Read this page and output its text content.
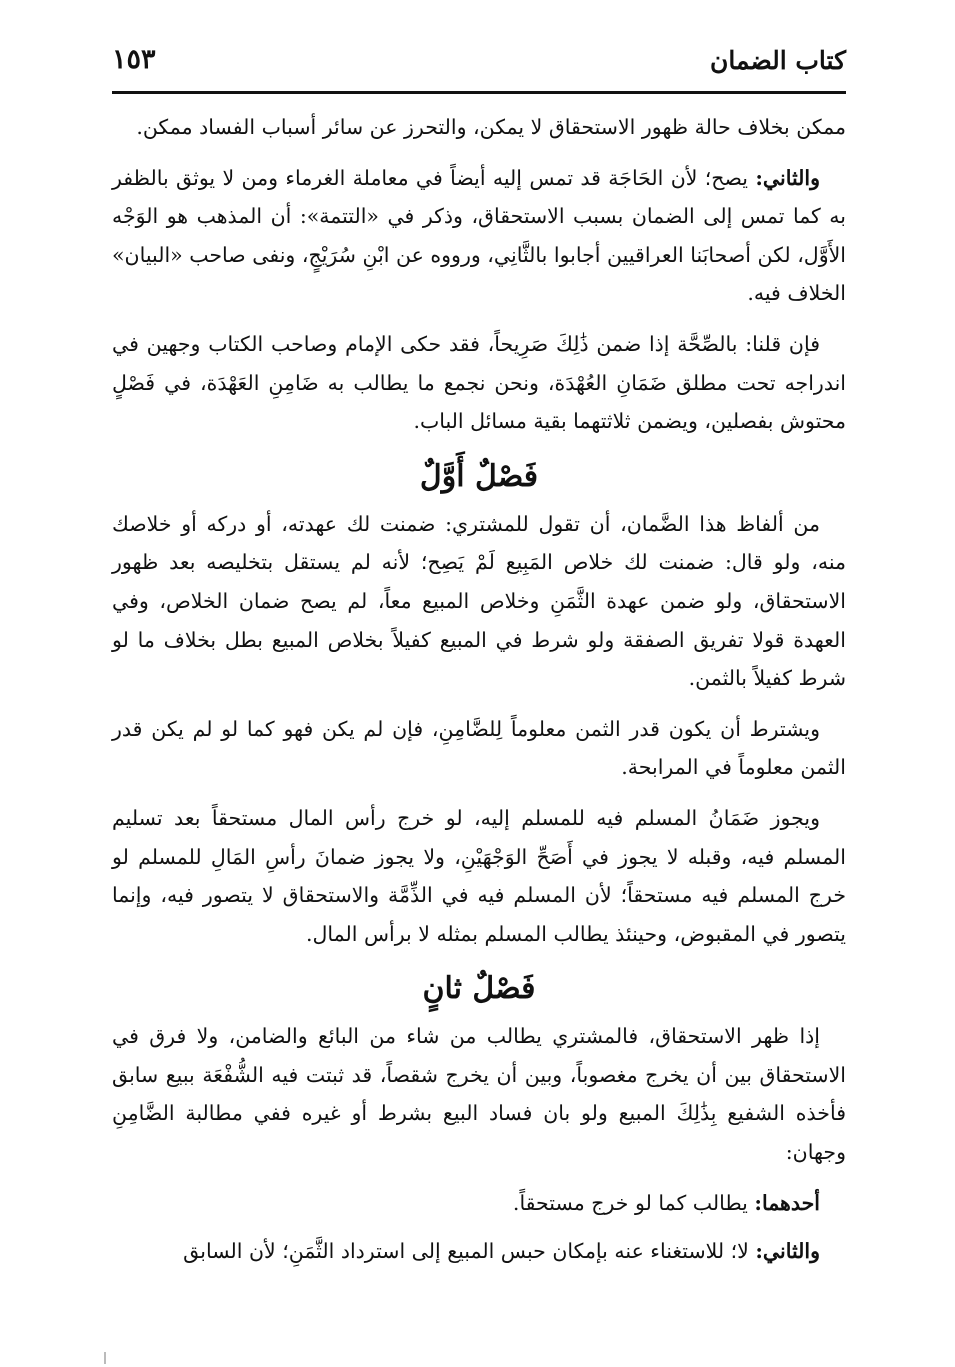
كتاب الضمان
١٥٣

ممكن بخلاف حالة ظهور الاستحقاق لا يمكن، والتحرز عن سائر أسباب الفساد ممكن.

والثاني: يصح؛ لأن الحَاجَة قد تمس إليه أيضاً في معاملة الغرماء ومن لا يوثق بالظفر به كما تمس إلى الضمان بسبب الاستحقاق، وذكر في «التتمة»: أن المذهب هو الوَجْه الأَوَّل، لكن أصحابَنا العراقيين أجابوا بالثَّانِي، ورووه عن ابْنِ سُرَيْجٍ، ونفى صاحب «البيان» الخلاف فيه.

فإن قلنا: بالصِّحَّة إذا ضمن ذَٰلِكَ صَرِيحاً، فقد حكى الإمام وصاحب الكتاب وجهين في اندراجه تحت مطلق ضَمَانِ العُهْدَة، ونحن نجمع ما يطالب به ضَامِنِ العَهْدَة، في فَصْلٍ محتوش بفصلين، ويضمن ثلاثتهما بقية مسائل الباب.

فَصْلٌ أَوَّلٌ

من ألفاظ هذا الضَّمان، أن تقول للمشتري: ضمنت لك عهدته، أو دركه أو خلاصك منه، ولو قال: ضمنت لك خلاص المَبِيع لَمْ يَصِح؛ لأنه لم يستقل بتخليصه بعد ظهور الاستحقاق، ولو ضمن عهدة الثَّمَنِ وخلاص المبيع معاً، لم يصح ضمان الخلاص، وفي العهدة قولا تفريق الصفقة ولو شرط في المبيع كفيلاً بخلاص المبيع بطل بخلاف ما لو شرط كفيلاً بالثمن.

ويشترط أن يكون قدر الثمن معلوماً لِلضَّامِنِ، فإن لم يكن فهو كما لو لم يكن قدر الثمن معلوماً في المرابحة.

ويجوز ضَمَانُ المسلم فيه للمسلم إليه، لو خرج رأس المال مستحقاً بعد تسليم المسلم فيه، وقبله لا يجوز في أَصَحِّ الوَجْهَيْنِ، ولا يجوز ضمانَ رأسِ المَالِ للمسلم لو خرج المسلم فيه مستحقاً؛ لأن المسلم فيه في الذِّمَّة والاستحقاق لا يتصور فيه، وإنما يتصور في المقبوض، وحينئذ يطالب المسلم بمثله لا برأس المال.

فَصْلٌ ثانٍ

إذا ظهر الاستحقاق، فالمشتري يطالب من شاء من البائع والضامن، ولا فرق في الاستحقاق بين أن يخرج مغصوباً، وبين أن يخرج شقصاً، قد ثبتت فيه الشُّفْعَة ببيع سابق فأخذه الشفيع بِذَٰلِكَ المبيع ولو بان فساد البيع بشرط أو غيره ففي مطالبة الضَّامِنِ وجهان:

أحدهما: يطالب كما لو خرج مستحقاً.

والثاني: لا؛ للاستغناء عنه بإمكان حبس المبيع إلى استرداد الثَّمَنِ؛ لأن السابق
